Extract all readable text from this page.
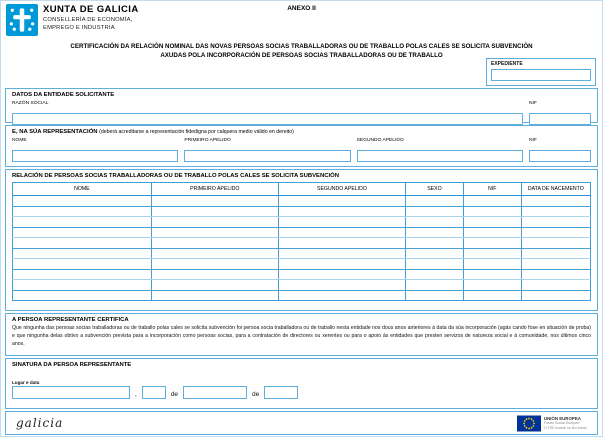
XUNTA DE GALICIA
CONSELLERÍA DE ECONOMÍA,
EMPREGO E INDUSTRIA
ANEXO II
CERTIFICACIÓN DA RELACIÓN NOMINAL DAS NOVAS PERSOAS SOCIAS TRABALLADORAS OU DE TRABALLO POLAS CALES SE SOLICITA SUBVENCIÓN
AXUDAS POLA INCORPORACIÓN DE PERSOAS SOCIAS TRABALLADORAS OU DE TRABALLO
EXPEDIENTE
DATOS DA ENTIDADE SOLICITANTE
RAZÓN SOCIAL	NIF
E, NA SÚA REPRESENTACIÓN (deberá acreditarse a representación fidedigna por calquera medio válido en dereito)
NOME	PRIMEIRO APELIDO	SEGUNDO APELIDO	NIF
RELACIÓN DE PERSOAS SOCIAS TRABALLADORAS OU DE TRABALLO POLAS CALES SE SOLICITA SUBVENCIÓN
NOME	PRIMEIRO APELIDO	SEGUNDO APELIDO	SEXO	NIF	DATA DE NACEMENTO

A PERSOA REPRESENTANTE CERTIFICA
Que ningunha das persoas socias traballadoras ou de traballo polas cales se solicita subvención foi persoa socia traballadora ou de traballo nesta entidade nos dous anos anteriores á data da súa incorporación (agás cando fose en situación de proba) e que ningunha delas obtivo a subvención prevista para a incorporación como persoas socias, para a contratación de directores ou xerentes ou para o apoio ás entidades que presten servizos de natureza social e á comunidade, nos últimos cinco anos.
SINATURA DA PERSOA REPRESENTANTE
Lugar e data
,	de	de
galicia	UNIÓN EUROPEA
Fondo Social Europeo
O FSE inviste no teu futuro
